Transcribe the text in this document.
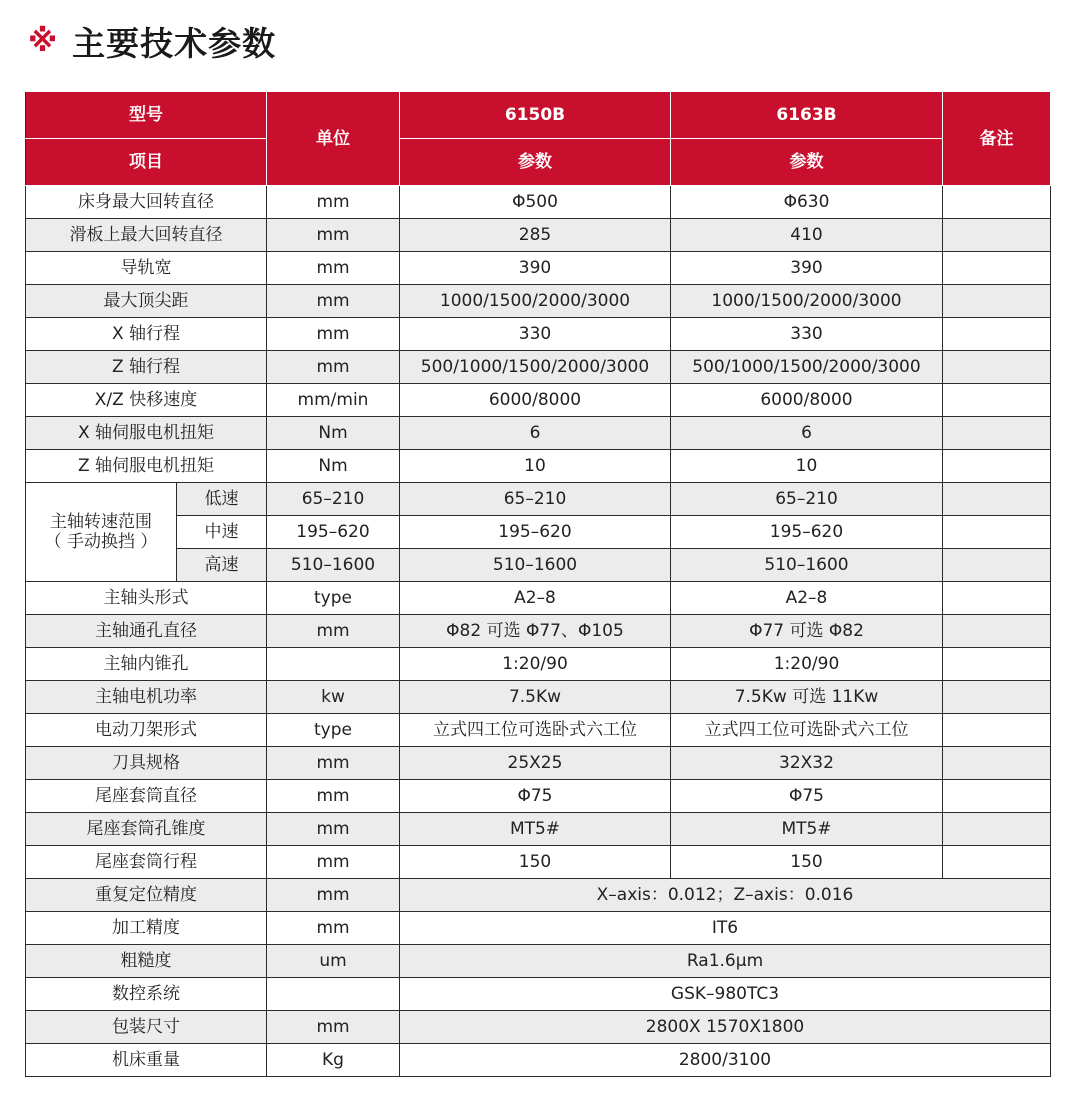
※ 主要技术参数
型号		单位	6150B	6163B	备注
项目			参数	参数	
床身最大回转直径		mm	Φ500	Φ630	
滑板上最大回转直径		mm	285	410	
导轨宽		mm	390	390	
最大顶尖距		mm	1000/1500/2000/3000	1000/1500/2000/3000	
X 轴行程		mm	330	330	
Z 轴行程		mm	500/1000/1500/2000/3000	500/1000/1500/2000/3000	
X/Z 快移速度		mm/min	6000/8000	6000/8000	
X 轴伺服电机扭矩		Nm	6	6	
Z 轴伺服电机扭矩		Nm	10	10	

主轴转速范围
（ 手动换挡 ）	低速	65–210	65–210	65–210	
	中速	195–620	195–620	195–620	
	高速	510–1600	510–1600	510–1600	
主轴头形式		type	A2–8	A2–8	
主轴通孔直径		mm	Φ82 可选 Φ77、Φ105	Φ77 可选 Φ82	
主轴内锥孔			1:20/90	1:20/90	
主轴电机功率		kw	7.5Kw	7.5Kw 可选 11Kw	
电动刀架形式		type	立式四工位可选卧式六工位	立式四工位可选卧式六工位	
刀具规格		mm	25X25	32X32	
尾座套筒直径		mm	Φ75	Φ75	
尾座套筒孔锥度		mm	MT5#	MT5#	
尾座套筒行程		mm	150	150	
重复定位精度		mm	X–axis：0.012；Z–axis：0.016		
加工精度		mm	IT6		
粗糙度		um	Ra1.6μm		
数控系统			GSK–980TC3		
包装尺寸		mm	2800X 1570X1800		
机床重量		Kg	2800/3100		
